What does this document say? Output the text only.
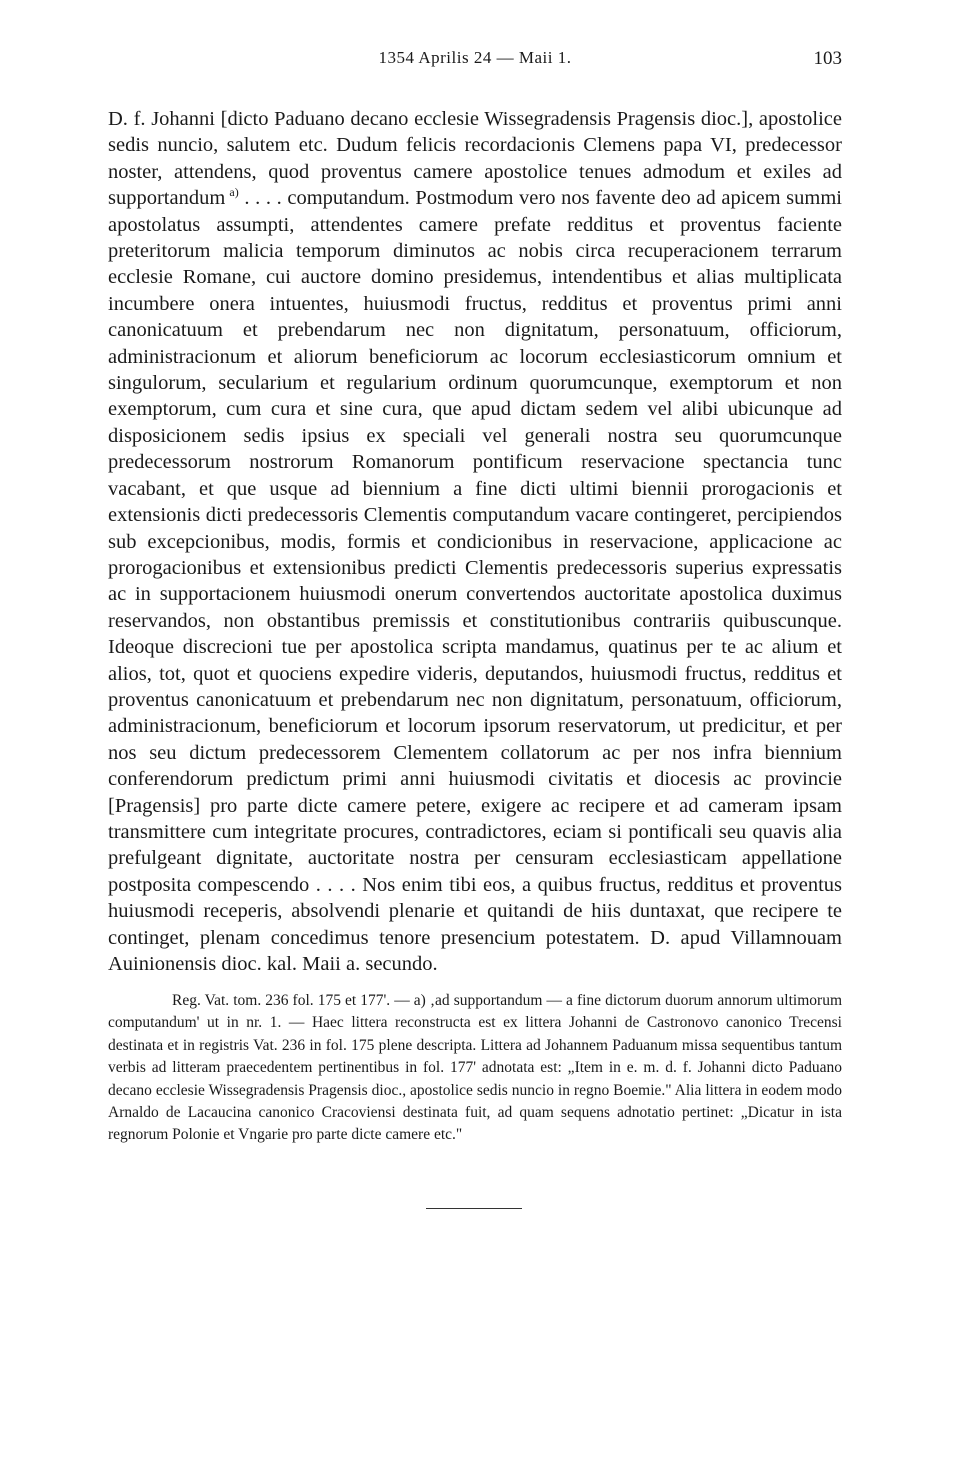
1354 Aprilis 24 — Maii 1.	103

D. f. Johanni [dicto Paduano decano ecclesie Wissegradensis Pragensis dioc.], apostolice sedis nuncio, salutem etc. Dudum felicis recordacionis Clemens papa VI, predecessor noster, attendens, quod proventus camere apostolice tenues admodum et exiles ad supportandum  $^{a)}$ . . . . computandum. Postmodum vero nos favente deo ad apicem summi apostolatus assumpti, attendentes camere prefate redditus et proventus faciente preteritorum malicia temporum diminutos ac nobis circa recuperacionem terrarum ecclesie Romane, cui auctore domino presidemus, intendentibus et alias multiplicata incumbere onera intuentes, huiusmodi fructus, redditus et proventus primi anni canonicatuum et prebendarum nec non dignitatum, personatuum, officiorum, administracionum et aliorum beneficiorum ac locorum ecclesiasticorum omnium et singulorum, secularium et regularium ordinum quorumcunque, exemptorum et non exemptorum, cum cura et sine cura, que apud dictam sedem vel alibi ubicunque ad disposicionem sedis ipsius ex speciali vel generali nostra seu quorumcunque predecessorum nostrorum Romanorum pontificum reservacione spectancia tunc vacabant, et que usque ad biennium a fine dicti ultimi biennii prorogacionis et extensionis dicti predecessoris Clementis computandum vacare contingeret, percipiendos sub excepcionibus, modis, formis et condicionibus in reservacione, applicacione ac prorogacionibus et extensionibus predicti Clementis predecessoris superius expressatis ac in supportacionem huiusmodi onerum convertendos auctoritate apostolica duximus reservandos, non obstantibus premissis et constitutionibus contrariis quibuscunque. Ideoque discrecioni tue per apostolica scripta mandamus, quatinus per te ac alium et alios, tot, quot et quociens expedire videris, deputandos, huiusmodi fructus, redditus et proventus canonicatuum et prebendarum nec non dignitatum, personatuum, officiorum, administracionum, beneficiorum et locorum ipsorum reservatorum, ut predicitur, et per nos seu dictum predecessorem Clementem collatorum ac per nos infra biennium conferendorum predictum primi anni huiusmodi civitatis et diocesis ac provincie [Pragensis] pro parte dicte camere petere, exigere ac recipere et ad cameram ipsam transmittere cum integritate procures, contradictores, eciam si pontificali seu quavis alia prefulgeant dignitate, auctoritate nostra per censuram ecclesiasticam appellatione postposita compescendo . . . . Nos enim tibi eos, a quibus fructus, redditus et proventus huiusmodi receperis, absolvendi plenarie et quitandi de hiis duntaxat, que recipere te continget, plenam concedimus tenore presencium potestatem. D. apud Villamnouam Auinionensis dioc. kal. Maii a. secundo.

Reg. Vat. tom. 236 fol. 175 et 177'. — a) ‚ad supportandum — a fine dictorum duorum annorum ultimorum computandum' ut in nr. 1. — Haec littera reconstructa est ex littera Johanni de Castronovo canonico Trecensi destinata et in registris Vat. 236 in fol. 175 plene descripta. Littera ad Johannem Paduanum missa sequentibus tantum verbis ad litteram praecedentem pertinentibus in fol. 177' adnotata est: „Item in e. m. d. f. Johanni dicto Paduano decano ecclesie Wissegradensis Pragensis dioc., apostolice sedis nuncio in regno Boemie." Alia littera in eodem modo Arnaldo de Lacaucina canonico Cracoviensi destinata fuit, ad quam sequens adnotatio pertinet: „Dicatur in ista regnorum Polonie et Vngarie pro parte dicte camere etc."
